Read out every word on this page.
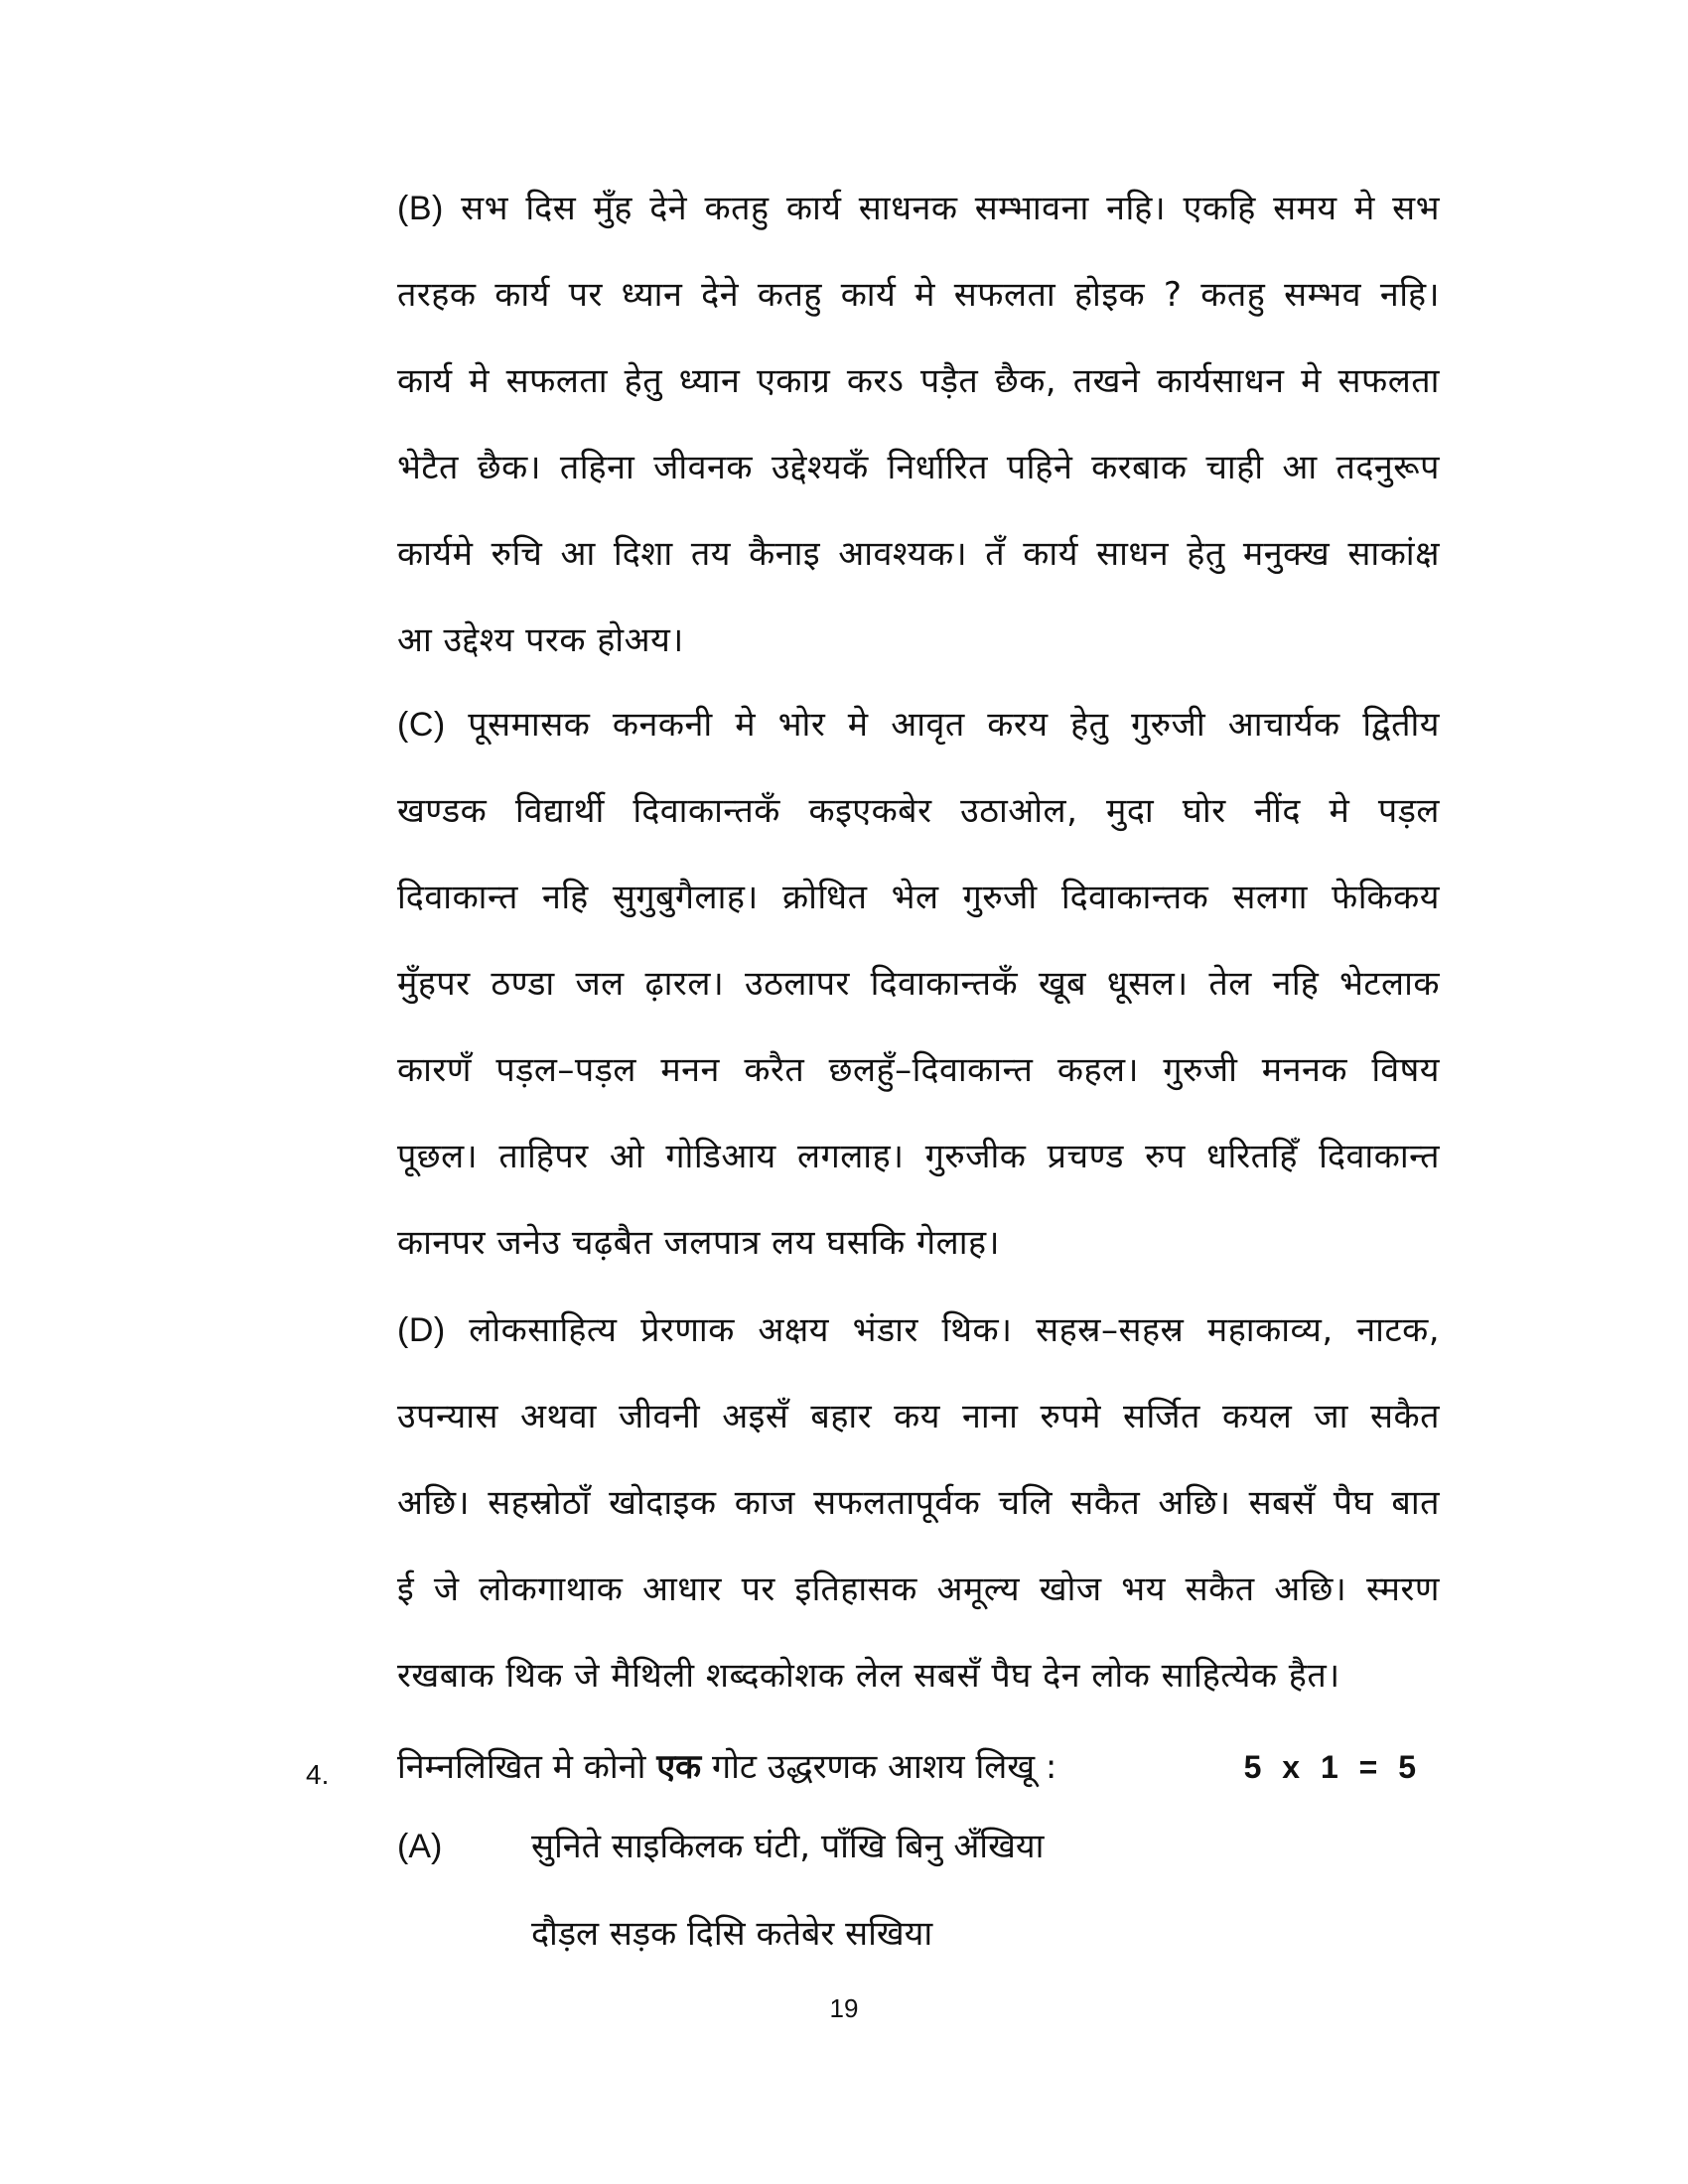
(B) सभ दिस मुँह देने कतहु कार्य साधनक सम्भावना नहि। एकहि समय मे सभ
तरहक कार्य पर ध्यान देने कतहु कार्य मे सफलता होइक ? कतहु सम्भव नहि।
कार्य मे सफलता हेतु ध्यान एकाग्र करऽ पड़ैत छैक, तखने कार्यसाधन मे सफलता
भेटैत छैक। तहिना जीवनक उद्देश्यकँ निर्धारित पहिने करबाक चाही आ तदनुरूप
कार्यमे रुचि आ दिशा तय कैनाइ आवश्यक। तँ कार्य साधन हेतु मनुक्ख साकांक्ष
आ उद्देश्य परक होअय।
(C) पूसमासक कनकनी मे भोर मे आवृत करय हेतु गुरुजी आचार्यक द्वितीय
खण्डक विद्यार्थी दिवाकान्तकँ कइएकबेर उठाओल, मुदा घोर नींद मे पड़ल
दिवाकान्त नहि सुगुबुगैलाह। क्रोधित भेल गुरुजी दिवाकान्तक सलगा फेकिकय
मुँहपर ठण्डा जल ढ़ारल। उठलापर दिवाकान्तकँ खूब धूसल। तेल नहि भेटलाक
कारणँ पड़ल–पड़ल मनन करैत छलहुँ–दिवाकान्त कहल। गुरुजी मननक विषय
पूछल। ताहिपर ओ गोडिआय लगलाह। गुरुजीक प्रचण्ड रुप धरितहिँ दिवाकान्त
कानपर जनेउ चढ़बैत जलपात्र लय घसकि गेलाह।
(D) लोकसाहित्य प्रेरणाक अक्षय भंडार थिक। सहस्र–सहस्र महाकाव्य, नाटक,
उपन्यास अथवा जीवनी अइसँ बहार कय नाना रुपमे सर्जित कयल जा सकैत
अछि। सहस्रोठाँ खोदाइक काज सफलतापूर्वक चलि सकैत अछि। सबसँ पैघ बात
ई जे लोकगाथाक आधार पर इतिहासक अमूल्य खोज भय सकैत अछि। स्मरण
रखबाक थिक जे मैथिली शब्दकोशक लेल सबसँ पैघ देन लोक साहित्येक हैत।
4. निम्नलिखित मे कोनो एक गोट उद्धरणक आशय लिखू :	5 x 1 = 5
(A)	सुनिते साइकिलक घंटी, पाँखि बिनु अँखिया
दौड़ल सड़क दिसि कतेबेर सखिया
19
